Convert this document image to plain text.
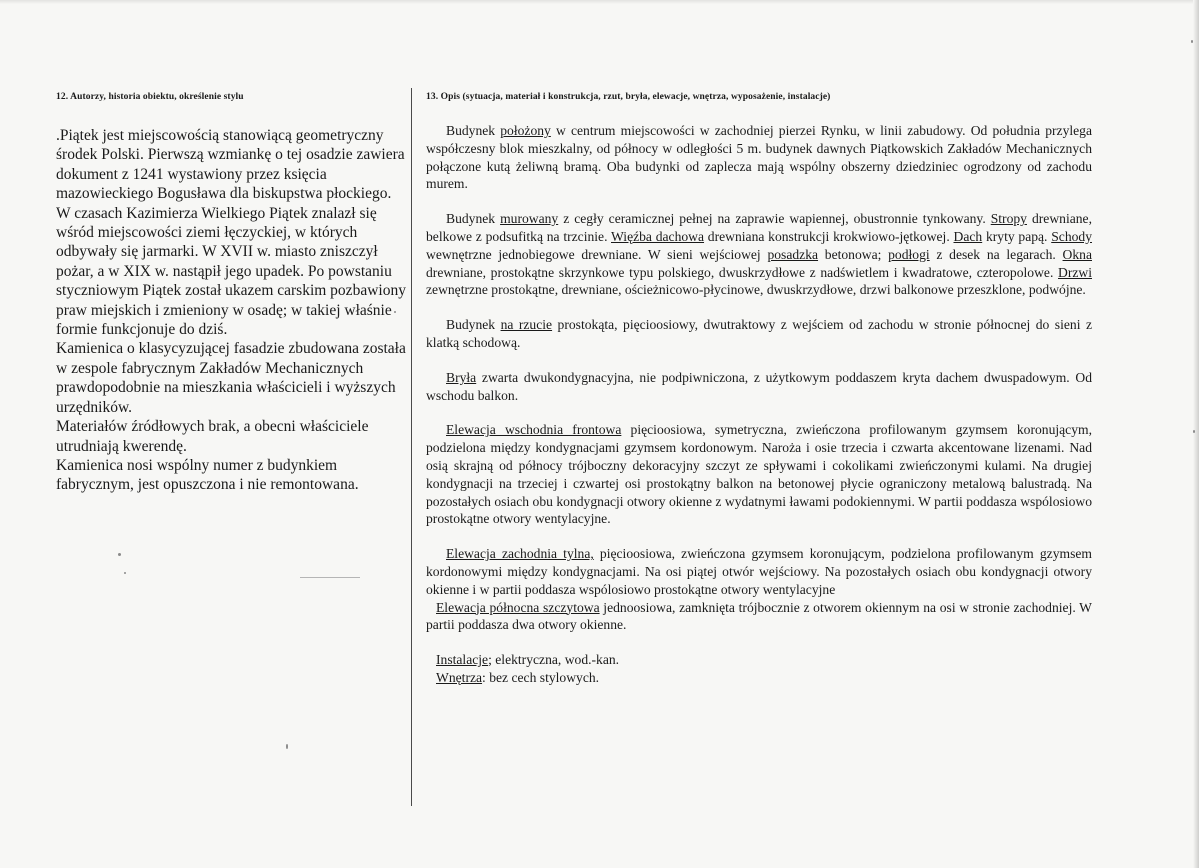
12. Autorzy, historia obiektu, określenie stylu

.Piątek jest miejscowością stanowiącą geometryczny środek Polski. Pierwszą wzmiankę o tej osadzie zawiera dokument z 1241 wystawiony przez księcia mazowieckiego Bogusława dla biskupstwa płockiego. W czasach Kazimierza Wielkiego Piątek znalazł się wśród miejscowości ziemi łęczyckiej, w których odbywały się jarmarki. W XVII w. miasto zniszczył pożar, a w XIX w. nastąpił jego upadek. Po powstaniu styczniowym Piątek został ukazem carskim pozbawiony praw miejskich i zmieniony w osadę; w takiej właśnie formie funkcjonuje do dziś.

Kamienica o klasycyzującej fasadzie zbudowana została w zespole fabrycznym Zakładów Mechanicznych prawdopodobnie na mieszkania właścicieli i wyższych urzędników.

Materiałów źródłowych brak, a obecni właściciele utrudniają kwerendę.

Kamienica nosi wspólny numer z budynkiem fabrycznym, jest opuszczona i nie remontowana.

13. Opis (sytuacja, materiał i konstrukcja, rzut, bryła, elewacje, wnętrza, wyposażenie, instalacje)

Budynek położony w centrum miejscowości w zachodniej pierzei Rynku, w linii zabudowy. Od południa przylega współczesny blok mieszkalny, od północy w odległości 5 m. budynek dawnych Piątkowskich Zakładów Mechanicznych połączone kutą żeliwną bramą. Oba budynki od zaplecza mają wspólny obszerny dziedziniec ogrodzony od zachodu murem.

Budynek murowany z cegły ceramicznej pełnej na zaprawie wapiennej, obustronnie tynkowany. Stropy drewniane, belkowe z podsufitką na trzcinie. Więźba dachowa drewniana konstrukcji krokwiowo-jętkowej. Dach kryty papą. Schody wewnętrzne jednobiegowe drewniane. W sieni wejściowej posadzka betonowa; podłogi z desek na legarach. Okna drewniane, prostokątne skrzynkowe typu polskiego, dwuskrzydłowe z nadświetlem i kwadratowe, czteropolowe. Drzwi zewnętrzne prostokątne, drewniane, ościeżnicowo-płycinowe, dwuskrzydłowe, drzwi balkonowe przeszklone, podwójne.

Budynek na rzucie prostokąta, pięcioosiowy, dwutraktowy z wejściem od zachodu w stronie północnej do sieni z klatką schodową.

Bryła zwarta dwukondygnacyjna, nie podpiwniczona, z użytkowym poddaszem kryta dachem dwuspadowym. Od wschodu balkon.

Elewacja wschodnia frontowa pięcioosiowa, symetryczna, zwieńczona profilowanym gzymsem koronującym, podzielona między kondygnacjami gzymsem kordonowym. Naroża i osie trzecia i czwarta akcentowane lizenami. Nad osią skrajną od północy trójboczny dekoracyjny szczyt ze spływami i cokolikami zwieńczonymi kulami. Na drugiej kondygnacji na trzeciej i czwartej osi prostokątny balkon na betonowej płycie ograniczony metalową balustradą. Na pozostałych osiach obu kondygnacji otwory okienne z wydatnymi ławami podokiennymi. W partii poddasza wspólosiowo prostokątne otwory wentylacyjne.

Elewacja zachodnia tylna, pięcioosiowa, zwieńczona gzymsem koronującym, podzielona profilowanym gzymsem kordonowymi między kondygnacjami. Na osi piątej otwór wejściowy. Na pozostałych osiach obu kondygnacji otwory okienne i w partii poddasza wspólosiowo prostokątne otwory wentylacyjne

Elewacja północna szczytowa jednoosiowa, zamknięta trójbocznie z otworem okiennym na osi w stronie zachodniej. W partii poddasza dwa otwory okienne.

Instalacje; elektryczna, wod.-kan.

Wnętrza: bez cech stylowych.
